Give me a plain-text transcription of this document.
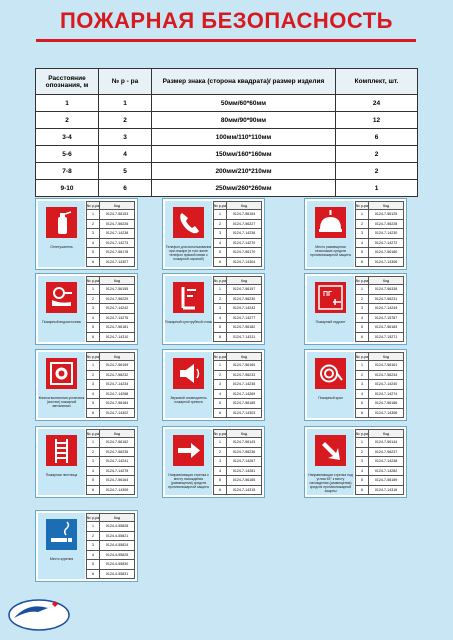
ПОЖАРНАЯ БЕЗОПАСНОСТЬ
Расстояние опознания, м	№ р - ра	Размер знака (сторона квадрата)/ размер изделия	Комплект, шт.
1	1	50мм/60*60мм	24
2	2	80мм/90*90мм	12
3-4	3	100мм/110*110мм	6
5-6	4	150мм/160*160мм	2
7-8	5	200мм/210*210мм	2
9-10	6	250мм/260*260мм	1
Огнетушитель
№ р-ра	Код
1	0124-7-56153
2	0124-7-56226
3	0124-7-14238
4	0124-7-14273
5	0124-7-56178
6	0124-7-14307
Телефон для использования при пожаре (в том числе телефон прямой связи с пожарной охраной)
№ р-ра	Код
1	0124-7-56154
2	0124-7-56227
3	0124-7-14236
4	0124-7-14270
5	0124-7-56170
6	0124-7-14304
Место размещения нескольких средств противопожарной защиты
№ р-ра	Код
1	0124-7-56125
2	0124-7-56228
3	0124-7-14230
4	0124-7-14272
5	0124-7-56180
6	0124-7-14306
Пожарный водоисточник
№ р-ра	Код
1	0124-7-56155
2	0124-7-56229
3	0124-7-14242
4	0124-7-14276
5	0124-7-56181
6	0124-7-14310
Пожарный сухотрубный стояк
№ р-ра	Код
1	0124-7-56157
2	0124-7-56230
3	0124-7-14243
4	0124-7-14277
5	0124-7-56182
6	0124-7-14311
ПГ
Пожарный гидрант
№ р-ра	Код
1	0124-7-56338
2	0124-7-56231
3	0124-7-14244
4	0124-7-15787
5	0124-7-56183
6	0124-7-15271
Кнопка включения установок (систем) пожарной автоматики
№ р-ра	Код
1	0124-7-56159
2	0124-7-56232
3	0124-7-14234
4	0124-7-14268
5	0124-7-56184
6	0124-7-14302
Звуковой оповещатель пожарной тревоги
№ р-ра	Код
1	0124-7-56160
2	0124-7-56233
3	0124-7-14235
4	0124-7-14269
5	0124-7-56185
6	0124-7-14303
Пожарный кран
№ р-ра	Код
1	0124-7-56161
2	0124-7-56234
3	0124-7-14240
4	0124-7-14274
5	0124-7-56186
6	0124-7-14308
Пожарная лестница
№ р-ра	Код
1	0124-7-56162
2	0124-7-56235
3	0124-7-14241
4	0124-7-14275
5	0124-7-56164
6	0124-7-14309
Направляющая стрелка к месту нахождения (размещения) средств противопожарной защиты
№ р-ра	Код
1	0124-7-56143
2	0124-7-56236
3	0124-7-14267
4	0124-7-14281
5	0124-7-56165
6	0124-7-14315
Направляющая стрелка под углом 45° к месту нахождения (размещения) средств противопожарной защиты
№ р-ра	Код
1	0124-7-56144
2	0124-7-56237
3	0124-7-14248
4	0124-7-14282
5	0124-7-56189
6	0124-7-14316
Место курения
№ р-ра	Код
1	0124-4-55828
2	0124-4-55821
3	0124-4-55824
4	0124-4-55825
5	0124-4-55830
6	0124-4-55831
